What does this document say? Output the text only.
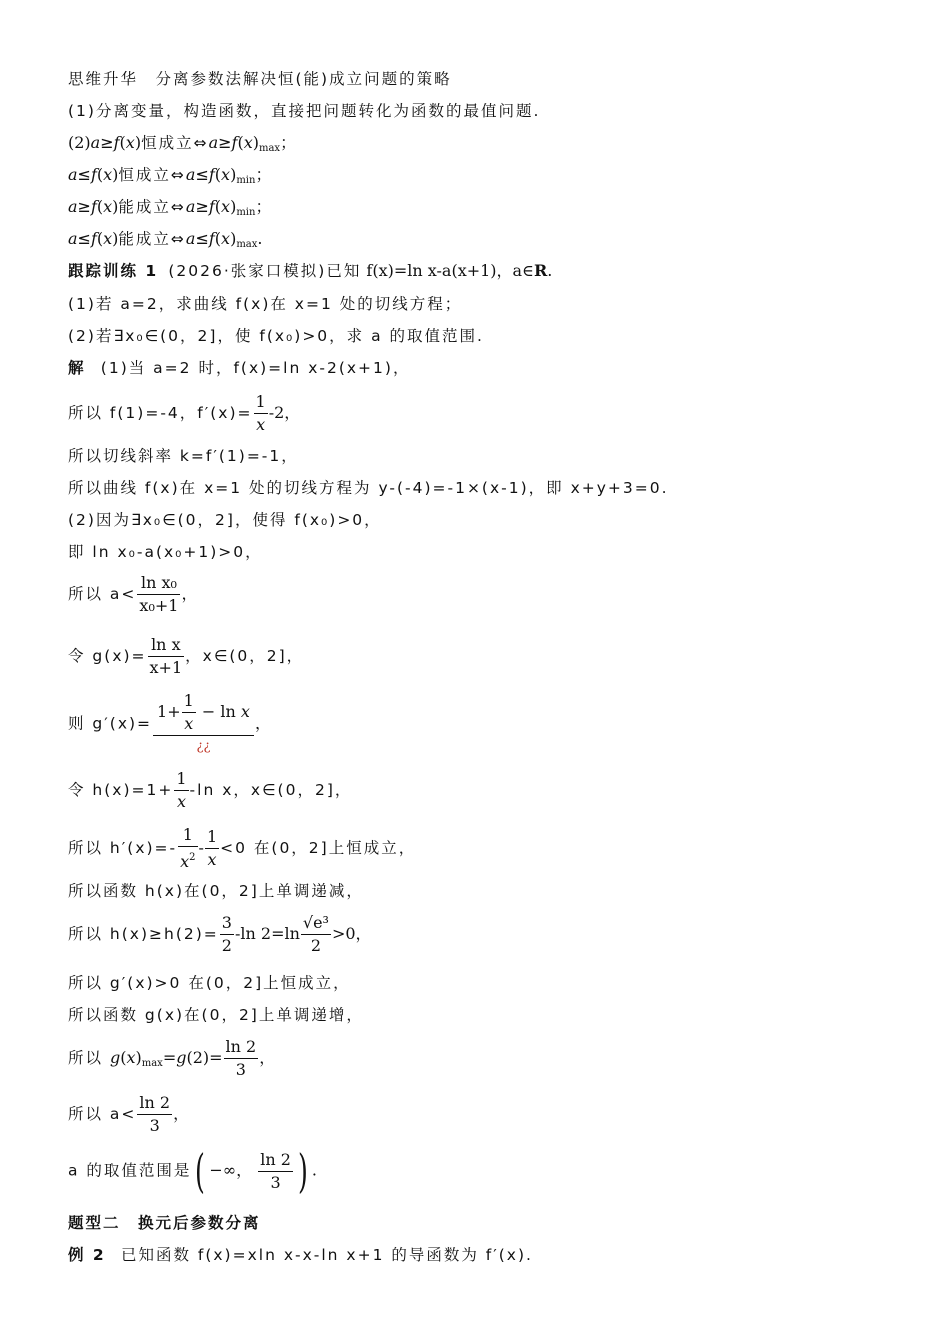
思维升华　分离参数法解决恒(能)成立问题的策略
(1)分离变量，构造函数，直接把问题转化为函数的最值问题.
(2)a≥f(x)恒成立$\Leftrightarrow a\ge f(x)_{max}$；
a≤f(x)恒成立$\Leftrightarrow a\le f(x)_{min}$；
a≥f(x)能成立$\Leftrightarrow a\ge f(x)_{min}$；
a≤f(x)能成立$\Leftrightarrow a\le f(x)_{max}$.
跟踪训练 1 (2026·张家口模拟)已知 f(x)=ln x-a(x+1)，a∈R.
(1)若 a=2，求曲线 f(x)在 x=1 处的切线方程；
(2)若∃x₀∈(0，2]，使 f(x₀)>0，求 a 的取值范围.
解 (1)当 a=2 时，f(x)=ln x-2(x+1)，
所以 f(1)=-4，$f'(x)= \frac{1}{x} -2$，
所以切线斜率 k=f′(1)=-1，
所以曲线 f(x)在 x=1 处的切线方程为 y-(-4)=-1×(x-1)，即 x+y+3=0.
(2)因为∃x₀∈(0，2]，使得 f(x₀)>0，
即 ln x₀-a(x₀+1)>0，
所以 $a< \frac{\text{ln x₀}}{\text{x₀+1}}$ ，
令 $g(x)= \frac{\text{ln x}}{x+1}$ ，x∈(0，2]，
则 $g'(x)= \frac{1+ \frac{1}{x} - \ln x}{¿¿}$ ，
令 $h(x)=1+ \frac{1}{x} -\ln$ x，x∈(0，2]，
所以 $h'(x)=- \frac{1}{x^2} - \frac{1}{x} <0$ 在(0，2]上恒成立，
所以函数 h(x)在(0，2]上单调递减，
所以 $h(x)\ge h(2)= \frac{3}{2} -\ln$ $2=\ln \frac{\text{√e³}}{2} >0$，
所以 g′(x)>0 在(0，2]上恒成立，
所以函数 g(x)在(0，2]上单调递增，
所以 $g(x)_{max}=g(2)= \frac{\ln 2}{3}$ ，
所以 $a< \frac{\ln 2}{3}$ ，
a 的取值范围是( −∞， $\frac{\ln 2}{3}$ ) .
题型二　换元后参数分离
例 2 已知函数 f(x)=xln x-x-ln x+1 的导函数为 f′(x).
